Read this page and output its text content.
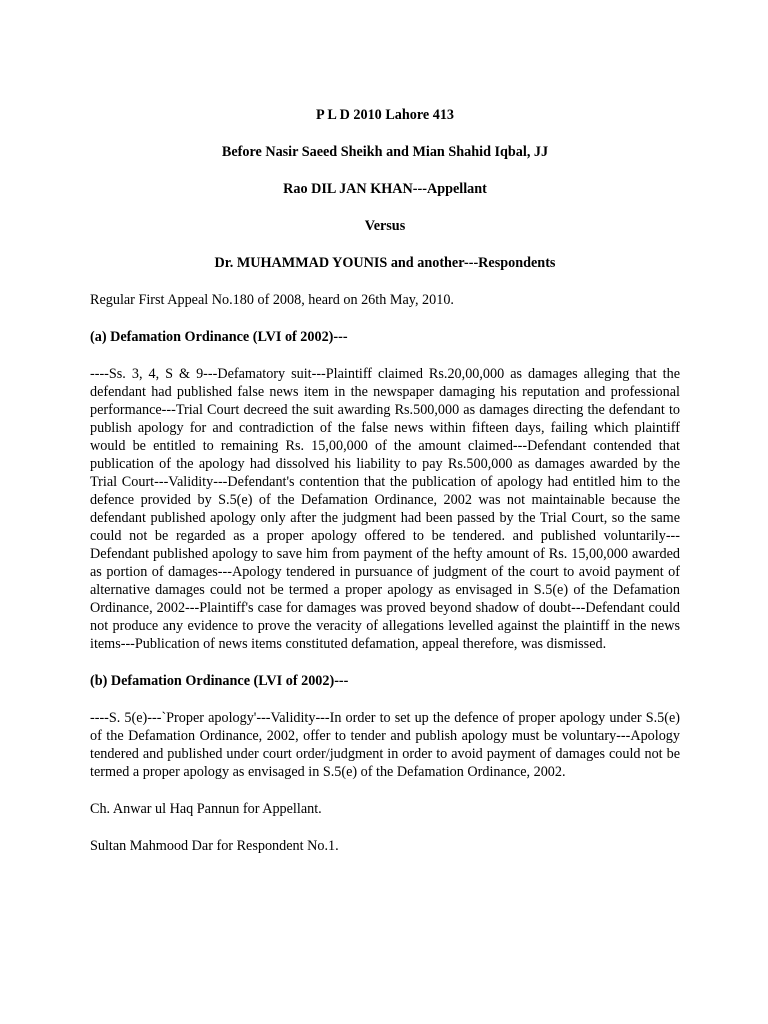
P L D 2010 Lahore 413
Before Nasir Saeed Sheikh and Mian Shahid Iqbal, JJ
Rao DIL JAN KHAN---Appellant
Versus
Dr. MUHAMMAD YOUNIS and another---Respondents
Regular First Appeal No.180 of 2008, heard on 26th May, 2010.
(a) Defamation Ordinance (LVI of 2002)---
----Ss. 3, 4, S & 9---Defamatory suit---Plaintiff claimed Rs.20,00,000 as damages alleging that the defendant had published false news item in the newspaper damaging his reputation and professional performance---Trial Court decreed the suit awarding Rs.500,000 as damages directing the defendant to publish apology for and contradiction of the false news within fifteen days, failing which plaintiff would be entitled to remaining Rs. 15,00,000 of the amount claimed---Defendant contended that publication of the apology had dissolved his liability to pay Rs.500,000 as damages awarded by the Trial Court---Validity---Defendant's contention that the publication of apology had entitled him to the defence provided by S.5(e) of the Defamation Ordinance, 2002 was not maintainable because the defendant published apology only after the judgment had been passed by the Trial Court, so the same could not be regarded as a proper apology offered to be tendered. and published voluntarily---Defendant published apology to save him from payment of the hefty amount of Rs. 15,00,000 awarded as portion of damages---Apology tendered in pursuance of judgment of the court to avoid payment of alternative damages could not be termed a proper apology as envisaged in S.5(e) of the Defamation Ordinance, 2002---Plaintiff's case for damages was proved beyond shadow of doubt---Defendant could not produce any evidence to prove the veracity of allegations levelled against the plaintiff in the news items---Publication of news items constituted defamation, appeal therefore, was dismissed.
(b) Defamation Ordinance (LVI of 2002)---
----S. 5(e)---`Proper apology'---Validity---In order to set up the defence of proper apology under S.5(e) of the Defamation Ordinance, 2002, offer to tender and publish apology must be voluntary---Apology tendered and published under court order/judgment in order to avoid payment of damages could not be termed a proper apology as envisaged in S.5(e) of the Defamation Ordinance, 2002.
Ch. Anwar ul Haq Pannun for Appellant.
Sultan Mahmood Dar for Respondent No.1.
